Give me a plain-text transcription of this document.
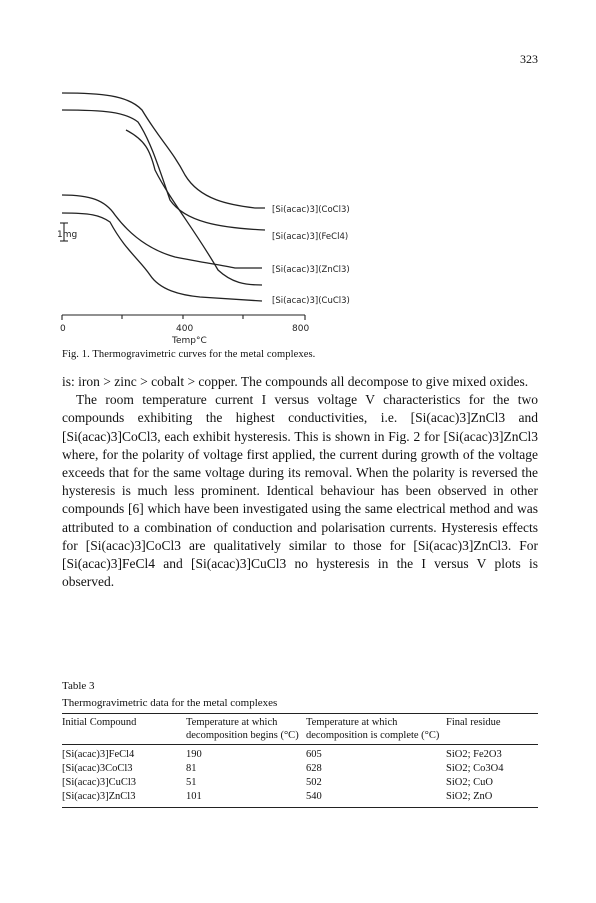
323
1mg
0	400	800
Temp°C
[Si(acac)3](CoCl3)
[Si(acac)3](FeCl4)
[Si(acac)3](ZnCl3)
[Si(acac)3](CuCl3)
Fig. 1. Thermogravimetric curves for the metal complexes.

is: iron > zinc > cobalt > copper. The compounds all decompose to give mixed oxides.

The room temperature current I versus voltage V characteristics for the two compounds exhibiting the highest conductivities, i.e. [Si(acac)3]ZnCl3 and [Si(acac)3]CoCl3, each exhibit hysteresis. This is shown in Fig. 2 for [Si(acac)3]ZnCl3 where, for the polarity of voltage first applied, the current during growth of the voltage exceeds that for the same voltage during its removal. When the polarity is reversed the hysteresis is much less prominent. Identical behaviour has been observed in other compounds [6] which have been investigated using the same electrical method and was attributed to a combination of conduction and polarisation currents. Hysteresis effects for [Si(acac)3]CoCl3 are qualitatively similar to those for [Si(acac)3]ZnCl3. For [Si(acac)3]FeCl4 and [Si(acac)3]CuCl3 no hysteresis in the I versus V plots is observed.

Table 3
Thermogravimetric data for the metal complexes
Initial Compound	Temperature at which decomposition begins (°C)	Temperature at which decomposition is complete (°C)	Final residue
[Si(acac)3]FeCl4	190	605	SiO2; Fe2O3
[Si(acac)3CoCl3	81	628	SiO2; Co3O4
[Si(acac)3]CuCl3	51	502	SiO2; CuO
[Si(acac)3]ZnCl3	101	540	SiO2; ZnO
